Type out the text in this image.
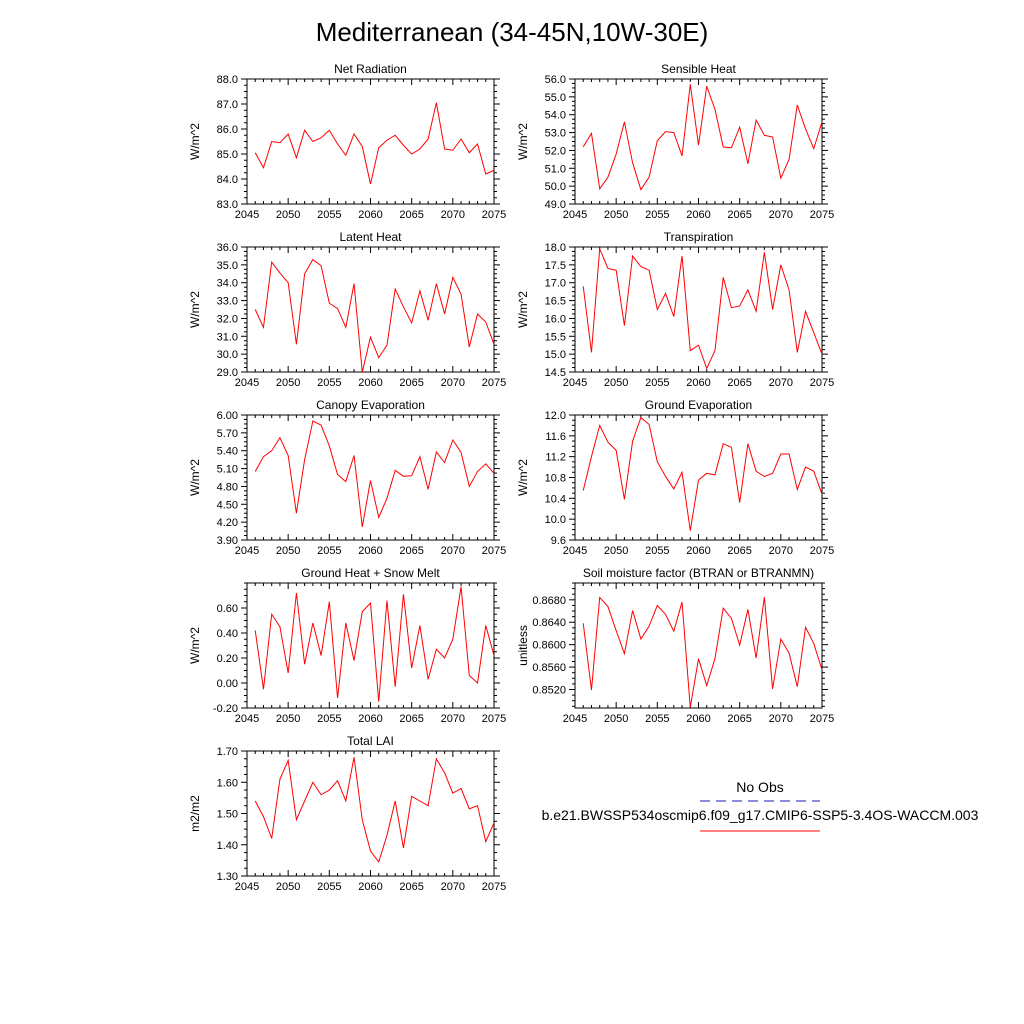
Mediterranean (34-45N,10W-30E)
Net Radiation
W/m^2
2045 2050 2055 2060 2065 2070 2075
83.0
84.0
85.0
86.0
87.0
88.0
Sensible Heat
W/m^2
2045 2050 2055 2060 2065 2070 2075
49.0
50.0
51.0
52.0
53.0
54.0
55.0
56.0
Latent Heat
W/m^2
2045 2050 2055 2060 2065 2070 2075
29.0
30.0
31.0
32.0
33.0
34.0
35.0
36.0
Transpiration
W/m^2
2045 2050 2055 2060 2065 2070 2075
14.5
15.0
15.5
16.0
16.5
17.0
17.5
18.0
Canopy Evaporation
W/m^2
2045 2050 2055 2060 2065 2070 2075
3.90
4.20
4.50
4.80
5.10
5.40
5.70
6.00
Ground Evaporation
W/m^2
2045 2050 2055 2060 2065 2070 2075
9.6
10.0
10.4
10.8
11.2
11.6
12.0
Ground Heat + Snow Melt
W/m^2
2045 2050 2055 2060 2065 2070 2075
-0.20
0.00
0.20
0.40
0.60
Soil moisture factor (BTRAN or BTRANMN)
unitless
2045 2050 2055 2060 2065 2070 2075
0.8520
0.8560
0.8600
0.8640
0.8680
Total LAI
m2/m2
2045 2050 2055 2060 2065 2070 2075
1.30
1.40
1.50
1.60
1.70
No Obs
b.e21.BWSSP534oscmip6.f09_g17.CMIP6-SSP5-3.4OS-WACCM.003
